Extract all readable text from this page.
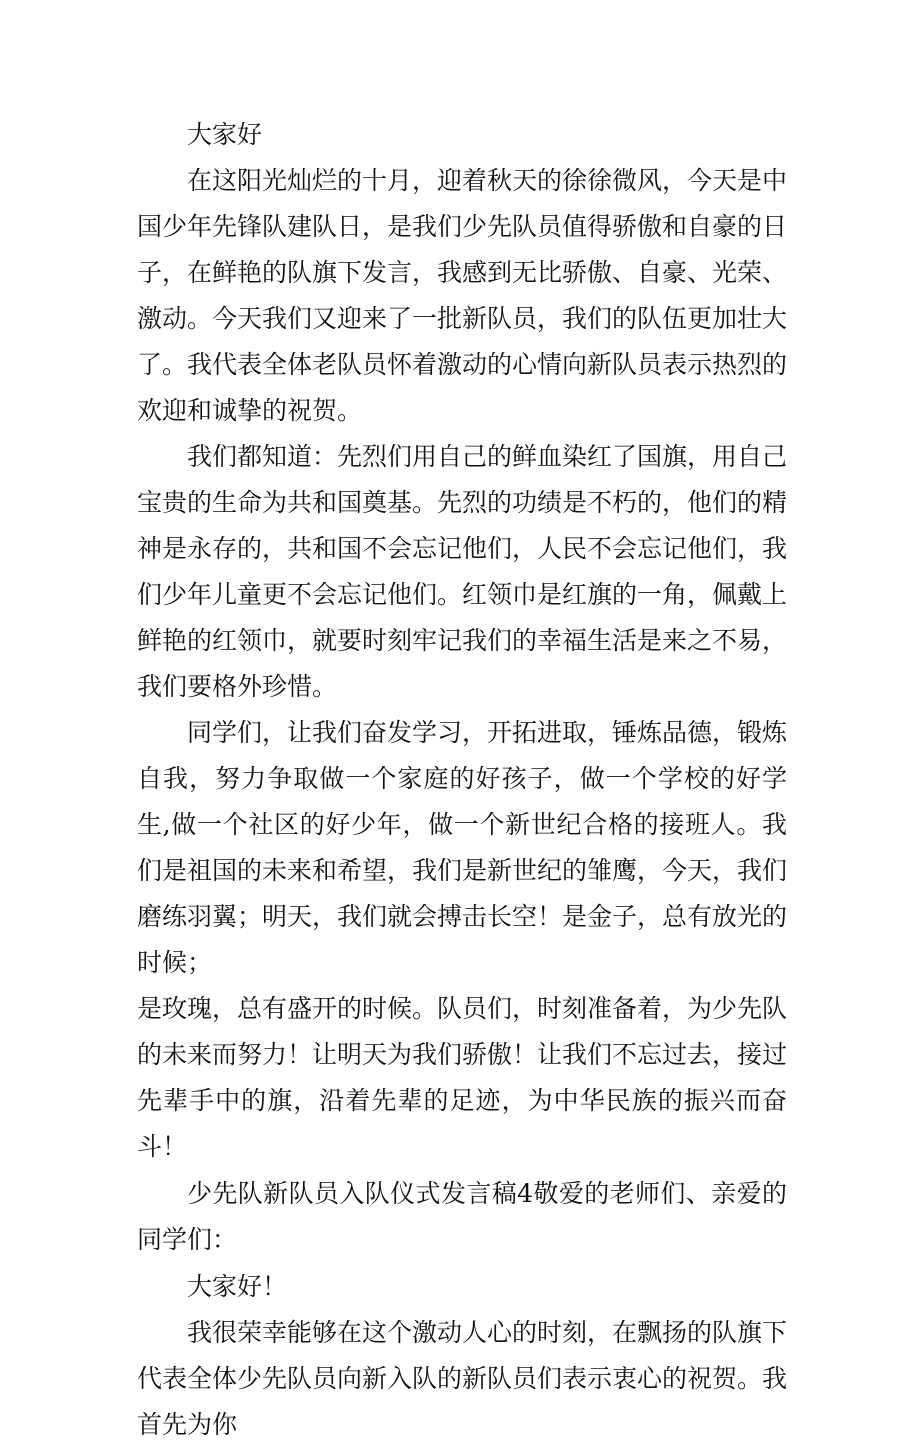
大家好

在这阳光灿烂的十月，迎着秋天的徐徐微风，今天是中国少年先锋队建队日，是我们少先队员值得骄傲和自豪的日子，在鲜艳的队旗下发言，我感到无比骄傲、自豪、光荣、激动。今天我们又迎来了一批新队员，我们的队伍更加壮大了。我代表全体老队员怀着激动的心情向新队员表示热烈的欢迎和诚挚的祝贺。

我们都知道：先烈们用自己的鲜血染红了国旗，用自己宝贵的生命为共和国奠基。先烈的功绩是不朽的，他们的精神是永存的，共和国不会忘记他们，人民不会忘记他们，我们少年儿童更不会忘记他们。红领巾是红旗的一角，佩戴上鲜艳的红领巾，就要时刻牢记我们的幸福生活是来之不易，我们要格外珍惜。

同学们，让我们奋发学习，开拓进取，锤炼品德，锻炼自我，努力争取做一个家庭的好孩子，做一个学校的好学生,做一个社区的好少年，做一个新世纪合格的接班人。我们是祖国的未来和希望，我们是新世纪的雏鹰，今天，我们磨练羽翼；明天，我们就会搏击长空！是金子，总有放光的时候；

是玫瑰，总有盛开的时候。队员们，时刻准备着，为少先队的未来而努力！让明天为我们骄傲！让我们不忘过去，接过先辈手中的旗，沿着先辈的足迹，为中华民族的振兴而奋斗！

少先队新队员入队仪式发言稿4敬爱的老师们、亲爱的同学们：

大家好！

我很荣幸能够在这个激动人心的时刻，在飘扬的队旗下代表全体少先队员向新入队的新队员们表示衷心的祝贺。我首先为你
